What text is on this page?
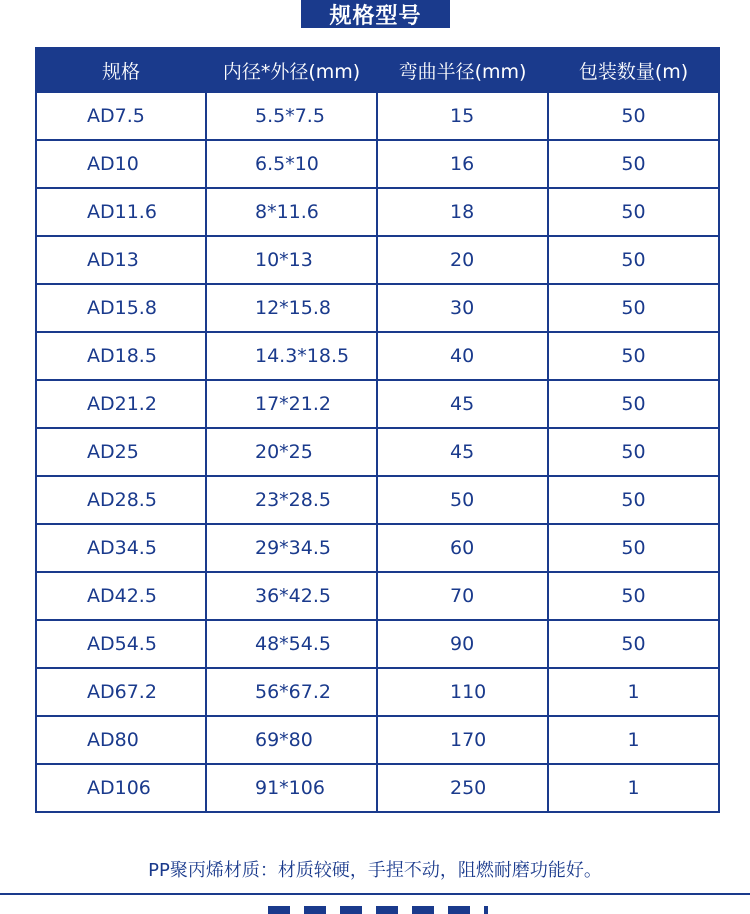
规格型号
规格	内径*外径(mm)	弯曲半径(mm)	包装数量(m)
AD7.5	5.5*7.5	15	50
AD10	6.5*10	16	50
AD11.6	8*11.6	18	50
AD13	10*13	20	50
AD15.8	12*15.8	30	50
AD18.5	14.3*18.5	40	50
AD21.2	17*21.2	45	50
AD25	20*25	45	50
AD28.5	23*28.5	50	50
AD34.5	29*34.5	60	50
AD42.5	36*42.5	70	50
AD54.5	48*54.5	90	50
AD67.2	56*67.2	110	1
AD80	69*80	170	1
AD106	91*106	250	1
PP聚丙烯材质：材质较硬，手捏不动，阻燃耐磨功能好。
